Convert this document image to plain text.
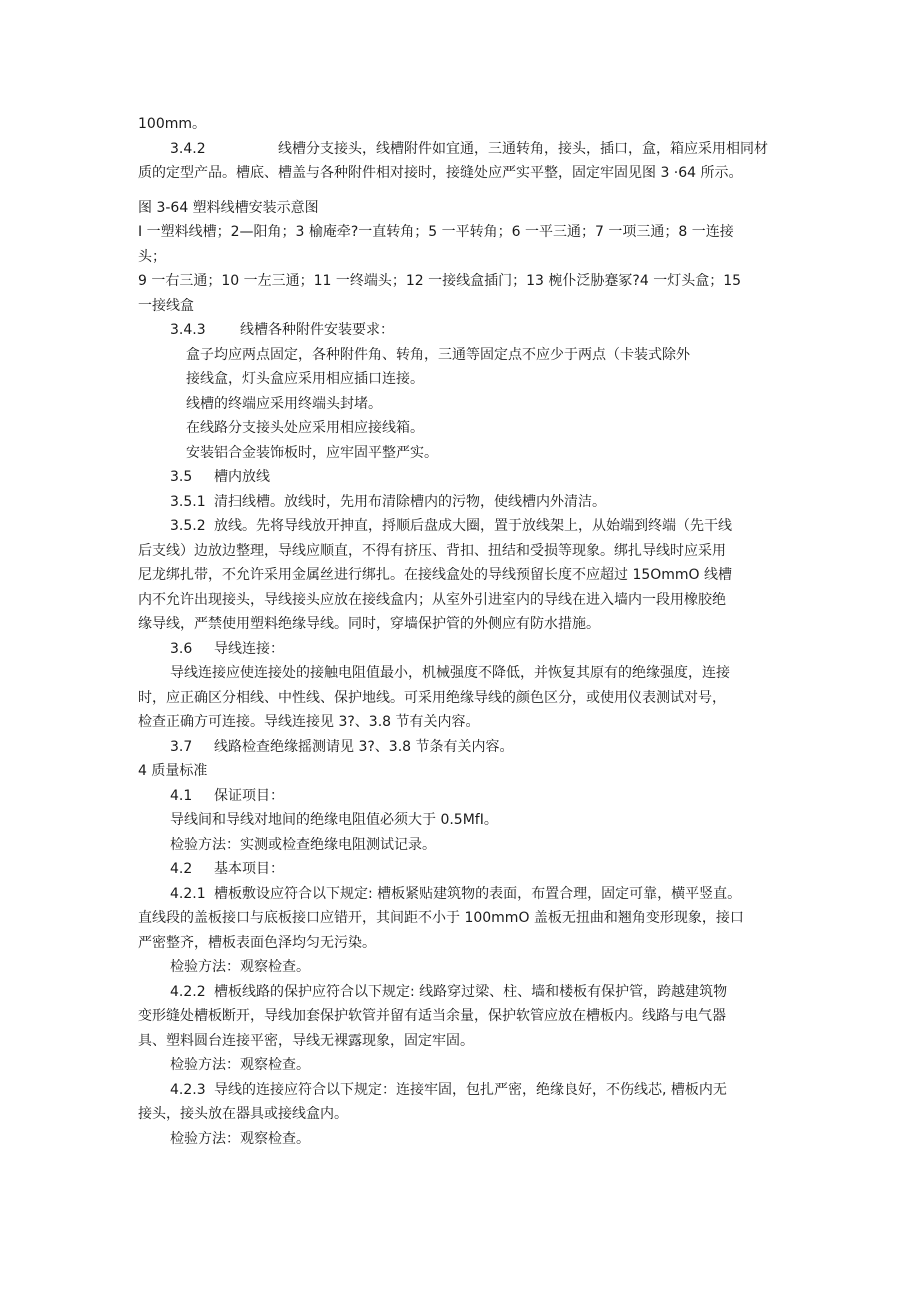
100mm。

3.4.2	线槽分支接头，线槽附件如宜通，三通转角，接头，插口，盒，箱应采用相同材

质的定型产品。槽底、槽盖与各种附件相对接时，接缝处应严实平整，固定牢固见图 3 ·64 所示。

图 3-64 塑料线槽安装示意图

I 一塑料线槽；2—阳角；3 榆庵牵?一直转角；5 一平转角；6 一平三通；7 一项三通；8 一连接

头；

9 一右三通；10 一左三通；11 一终端头；12 一接线盒插门；13 椀仆泛胁蹇冢?4 一灯头盒；15

一接线盒

3.4.3 线槽各种附件安装要求：

盒子均应两点固定，各种附件角、转角，三通等固定点不应少于两点（卡装式除外

接线盒，灯头盒应采用相应插口连接。

线槽的终端应采用终端头封堵。

在线路分支接头处应采用相应接线箱。

安装铝合金装饰板时，应牢固平整严实。

3.5 槽内放线

3.5.1 清扫线槽。放线时，先用布清除槽内的污物，使线槽内外清洁。

3.5.2 放线。先将导线放开抻直，捋顺后盘成大圈，置于放线架上，从始端到终端（先干线

后支线）边放边整理，导线应顺直，不得有挤压、背扣、扭结和受损等现象。绑扎导线时应采用

尼龙绑扎带，不允许采用金属丝进行绑扎。在接线盒处的导线预留长度不应超过 15OmmO 线槽

内不允许出现接头，导线接头应放在接线盒内；从室外引进室内的导线在进入墙内一段用橡胶绝

缘导线，严禁使用塑料绝缘导线。同时，穿墙保护管的外侧应有防水措施。

3.6 导线连接：

导线连接应使连接处的接触电阻值最小，机械强度不降低，并恢复其原有的绝缘强度，连接

时，应正确区分相线、中性线、保护地线。可采用绝缘导线的颜色区分，或使用仪表测试对号，

检查正确方可连接。导线连接见 3?、3.8 节有关内容。

3.7 线路检查绝缘摇测请见 3?、3.8 节条有关内容。

4 质量标准

4.1 保证项目：

导线间和导线对地间的绝缘电阻值必须大于 0.5MfI。

检验方法：实测或检查绝缘电阻测试记录。

4.2 基本项目：

4.2.1 槽板敷设应符合以下规定: 槽板紧贴建筑物的表面，布置合理，固定可靠，横平竖直。

直线段的盖板接口与底板接口应错开，其间距不小于 100mmO 盖板无扭曲和翘角变形现象，接口

严密整齐，槽板表面色泽均匀无污染。

检验方法：观察检查。

4.2.2 槽板线路的保护应符合以下规定: 线路穿过梁、柱、墙和楼板有保护管，跨越建筑物

变形缝处槽板断开，导线加套保护软管并留有适当余量，保护软管应放在槽板内。线路与电气器

具、塑料圆台连接平密，导线无裸露现象，固定牢固。

检验方法：观察检查。

4.2.3 导线的连接应符合以下规定：连接牢固，包扎严密，绝缘良好，不伤线芯, 槽板内无

接头，接头放在器具或接线盒内。

检验方法：观察检查。
